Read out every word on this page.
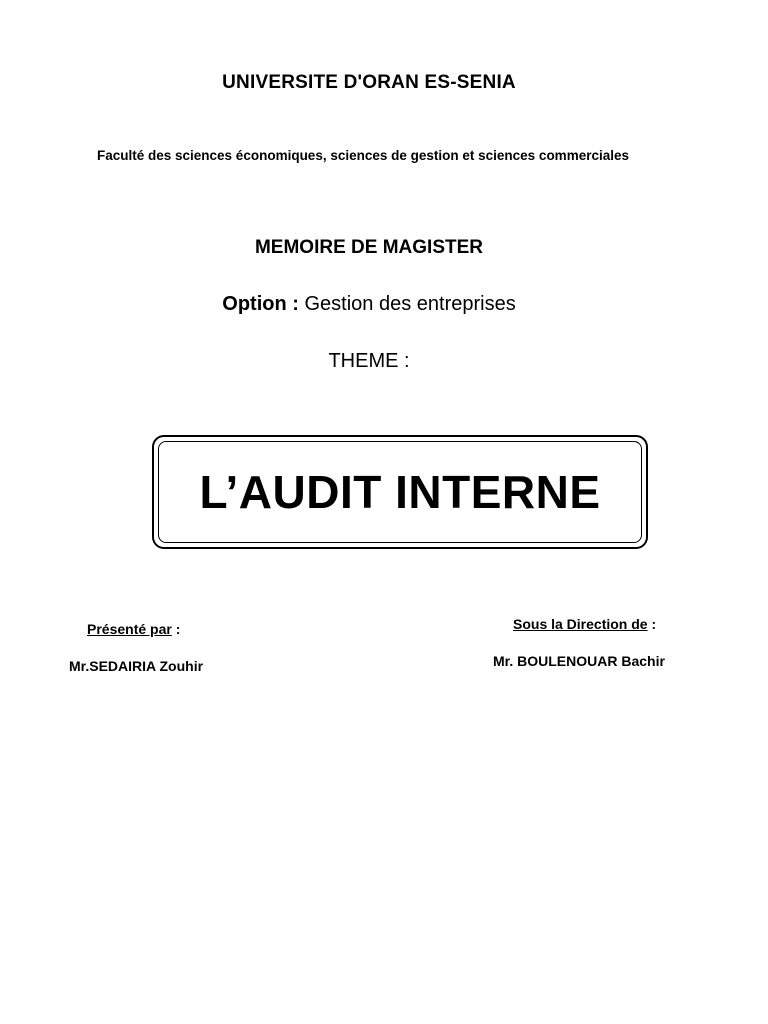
UNIVERSITE D'ORAN ES-SENIA
Faculté des sciences économiques, sciences de gestion et sciences commerciales
MEMOIRE DE MAGISTER
Option : Gestion des entreprises
THEME :
L’AUDIT INTERNE
Présenté par :	Sous la Direction de :
Mr.SEDAIRIA Zouhir	Mr. BOULENOUAR Bachir
